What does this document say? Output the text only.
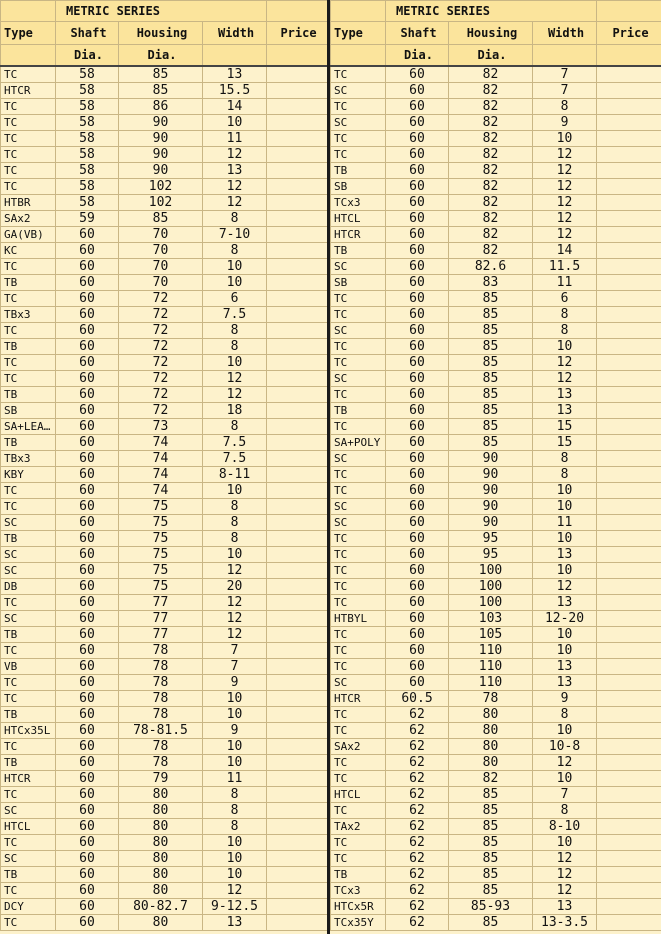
	METRIC SERIES			
Type	Shaft	Housing	Width	Price
	Dia.	Dia.		
TC	58	85	13	
HTCR	58	85	15.5	
TC	58	86	14	
TC	58	90	10	
TC	58	90	11	
TC	58	90	12	
TC	58	90	13	
TC	58	102	12	
HTBR	58	102	12	
SAx2	59	85	8	
GA(VB)	60	70	7-10	
KC	60	70	8	
TC	60	70	10	
TB	60	70	10	
TC	60	72	6	
TBx3	60	72	7.5	
TC	60	72	8	
TB	60	72	8	
TC	60	72	10	
TC	60	72	12	
TB	60	72	12	
SB	60	72	18	
SA+LEA…	60	73	8	
TB	60	74	7.5	
TBx3	60	74	7.5	
KBY	60	74	8-11	
TC	60	74	10	
TC	60	75	8	
SC	60	75	8	
TB	60	75	8	
SC	60	75	10	
SC	60	75	12	
DB	60	75	20	
TC	60	77	12	
SC	60	77	12	
TB	60	77	12	
TC	60	78	7	
VB	60	78	7	
TC	60	78	9	
TC	60	78	10	
TB	60	78	10	
HTCx35L	60	78-81.5	9	
TC	60	78	10	
TB	60	78	10	
HTCR	60	79	11	
TC	60	80	8	
SC	60	80	8	
HTCL	60	80	8	
TC	60	80	10	
SC	60	80	10	
TB	60	80	10	
TC	60	80	12	
DCY	60	80-82.7	9-12.5	
TC	60	80	13	
	METRIC SERIES			
Type	Shaft	Housing	Width	Price
	Dia.	Dia.		
TC	60	82	7	
SC	60	82	7	
TC	60	82	8	
SC	60	82	9	
TC	60	82	10	
TC	60	82	12	
TB	60	82	12	
SB	60	82	12	
TCx3	60	82	12	
HTCL	60	82	12	
HTCR	60	82	12	
TB	60	82	14	
SC	60	82.6	11.5	
SB	60	83	11	
TC	60	85	6	
TC	60	85	8	
SC	60	85	8	
TC	60	85	10	
TC	60	85	12	
SC	60	85	12	
TC	60	85	13	
TB	60	85	13	
TC	60	85	15	
SA+POLY	60	85	15	
SC	60	90	8	
TC	60	90	8	
TC	60	90	10	
SC	60	90	10	
SC	60	90	11	
TC	60	95	10	
TC	60	95	13	
TC	60	100	10	
TC	60	100	12	
TC	60	100	13	
HTBYL	60	103	12-20	
TC	60	105	10	
TC	60	110	10	
TC	60	110	13	
SC	60	110	13	
HTCR	60.5	78	9	
TC	62	80	8	
TC	62	80	10	
SAx2	62	80	10-8	
TC	62	80	12	
TC	62	82	10	
HTCL	62	85	7	
TC	62	85	8	
TAx2	62	85	8-10	
TC	62	85	10	
TC	62	85	12	
TB	62	85	12	
TCx3	62	85	12	
HTCx5R	62	85-93	13	
TCx35Y	62	85	13-3.5	
